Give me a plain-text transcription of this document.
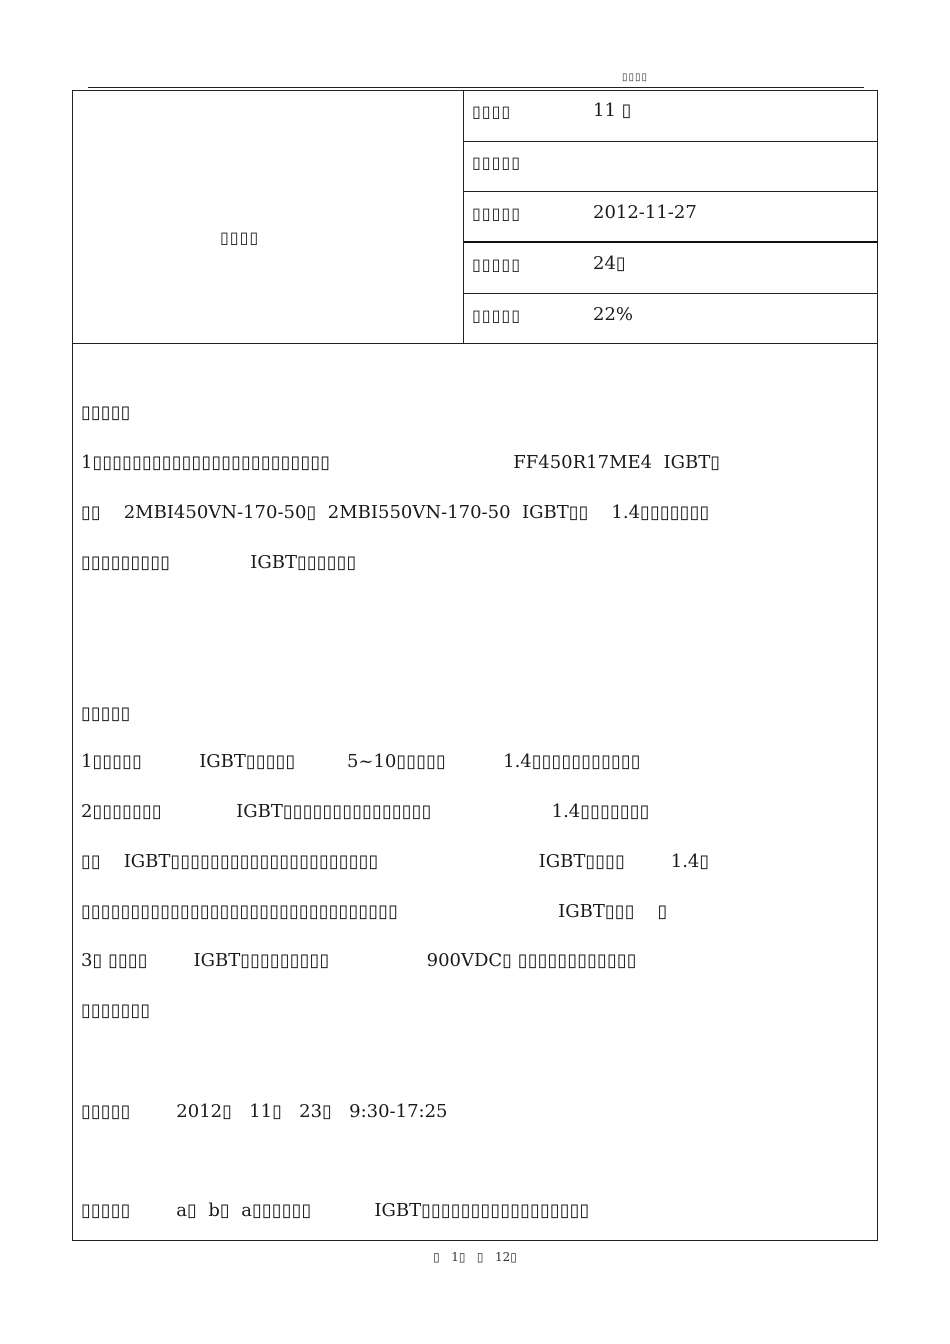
▯▯▯▯
▯▯▯▯
▯▯▯▯	11 ▯
▯▯▯▯▯
▯▯▯▯▯	2012-11-27
▯▯▯▯▯	24▯
▯▯▯▯▯	22%
▯▯▯▯▯
1▯▯▯▯▯▯▯▯▯▯▯▯▯▯▯▯▯▯▯▯▯▯▯▯                                FF450R17ME4  IGBT▯
▯▯    2MBI450VN-170-50▯  2MBI550VN-170-50  IGBT▯▯    1.4▯▯▯▯▯▯▯
▯▯▯▯▯▯▯▯▯              IGBT▯▯▯▯▯▯
▯▯▯▯▯
1▯▯▯▯▯          IGBT▯▯▯▯▯         5~10▯▯▯▯▯          1.4▯▯▯▯▯▯▯▯▯▯▯
2▯▯▯▯▯▯▯             IGBT▯▯▯▯▯▯▯▯▯▯▯▯▯▯▯                     1.4▯▯▯▯▯▯▯
▯▯    IGBT▯▯▯▯▯▯▯▯▯▯▯▯▯▯▯▯▯▯▯▯▯                            IGBT▯▯▯▯        1.4▯
▯▯▯▯▯▯▯▯▯▯▯▯▯▯▯▯▯▯▯▯▯▯▯▯▯▯▯▯▯▯▯▯                            IGBT▯▯▯    ▯
3▯ ▯▯▯▯        IGBT▯▯▯▯▯▯▯▯▯                 900VDC▯ ▯▯▯▯▯▯▯▯▯▯▯▯
▯▯▯▯▯▯▯
▯▯▯▯▯        2012▯   11▯   23▯   9:30-17:25
▯▯▯▯▯        a▯  b▯  a▯▯▯▯▯▯           IGBT▯▯▯▯▯▯▯▯▯▯▯▯▯▯▯▯▯
▯   1▯   ▯   12▯
